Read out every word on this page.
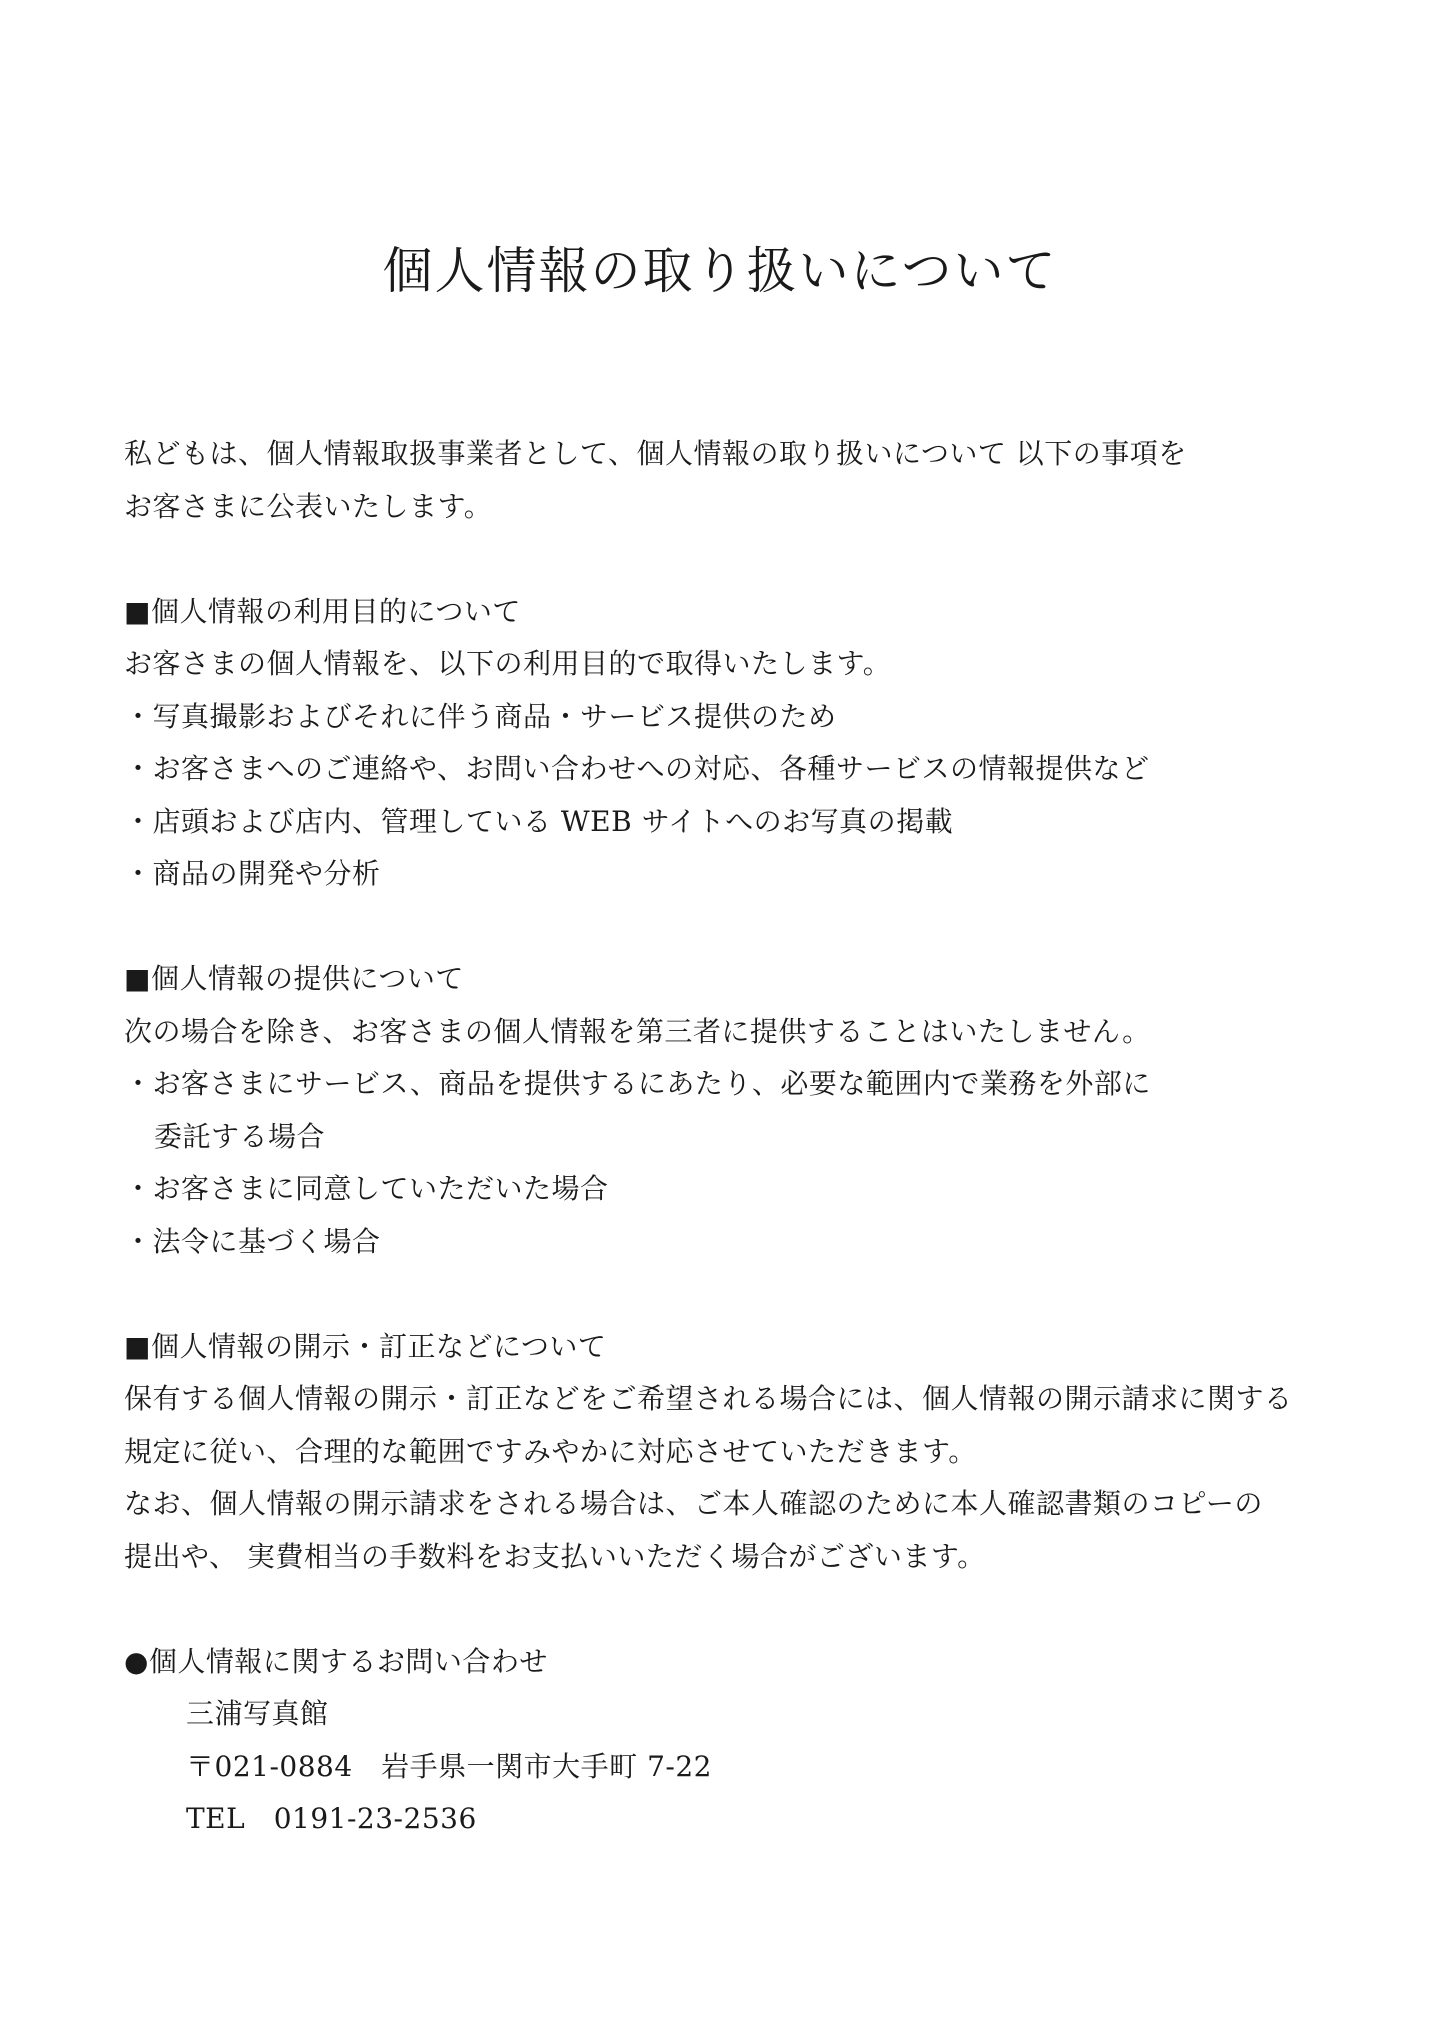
個人情報の取り扱いについて
私どもは、個人情報取扱事業者として、個人情報の取り扱いについて 以下の事項を
お客さまに公表いたします。
■個人情報の利用目的について
お客さまの個人情報を、以下の利用目的で取得いたします。
・写真撮影およびそれに伴う商品・サービス提供のため
・お客さまへのご連絡や、お問い合わせへの対応、各種サービスの情報提供など
・店頭および店内、管理している WEB サイトへのお写真の掲載
・商品の開発や分析
■個人情報の提供について
次の場合を除き、お客さまの個人情報を第三者に提供することはいたしません。
・お客さまにサービス、商品を提供するにあたり、必要な範囲内で業務を外部に
委託する場合
・お客さまに同意していただいた場合
・法令に基づく場合
■個人情報の開示・訂正などについて
保有する個人情報の開示・訂正などをご希望される場合には、個人情報の開示請求に関する
規定に従い、合理的な範囲ですみやかに対応させていただきます。
なお、個人情報の開示請求をされる場合は、ご本人確認のために本人確認書類のコピーの
提出や、 実費相当の手数料をお支払いいただく場合がございます。
●個人情報に関するお問い合わせ
三浦写真館
〒021-0884　岩手県一関市大手町 7-22
TEL　0191-23-2536
